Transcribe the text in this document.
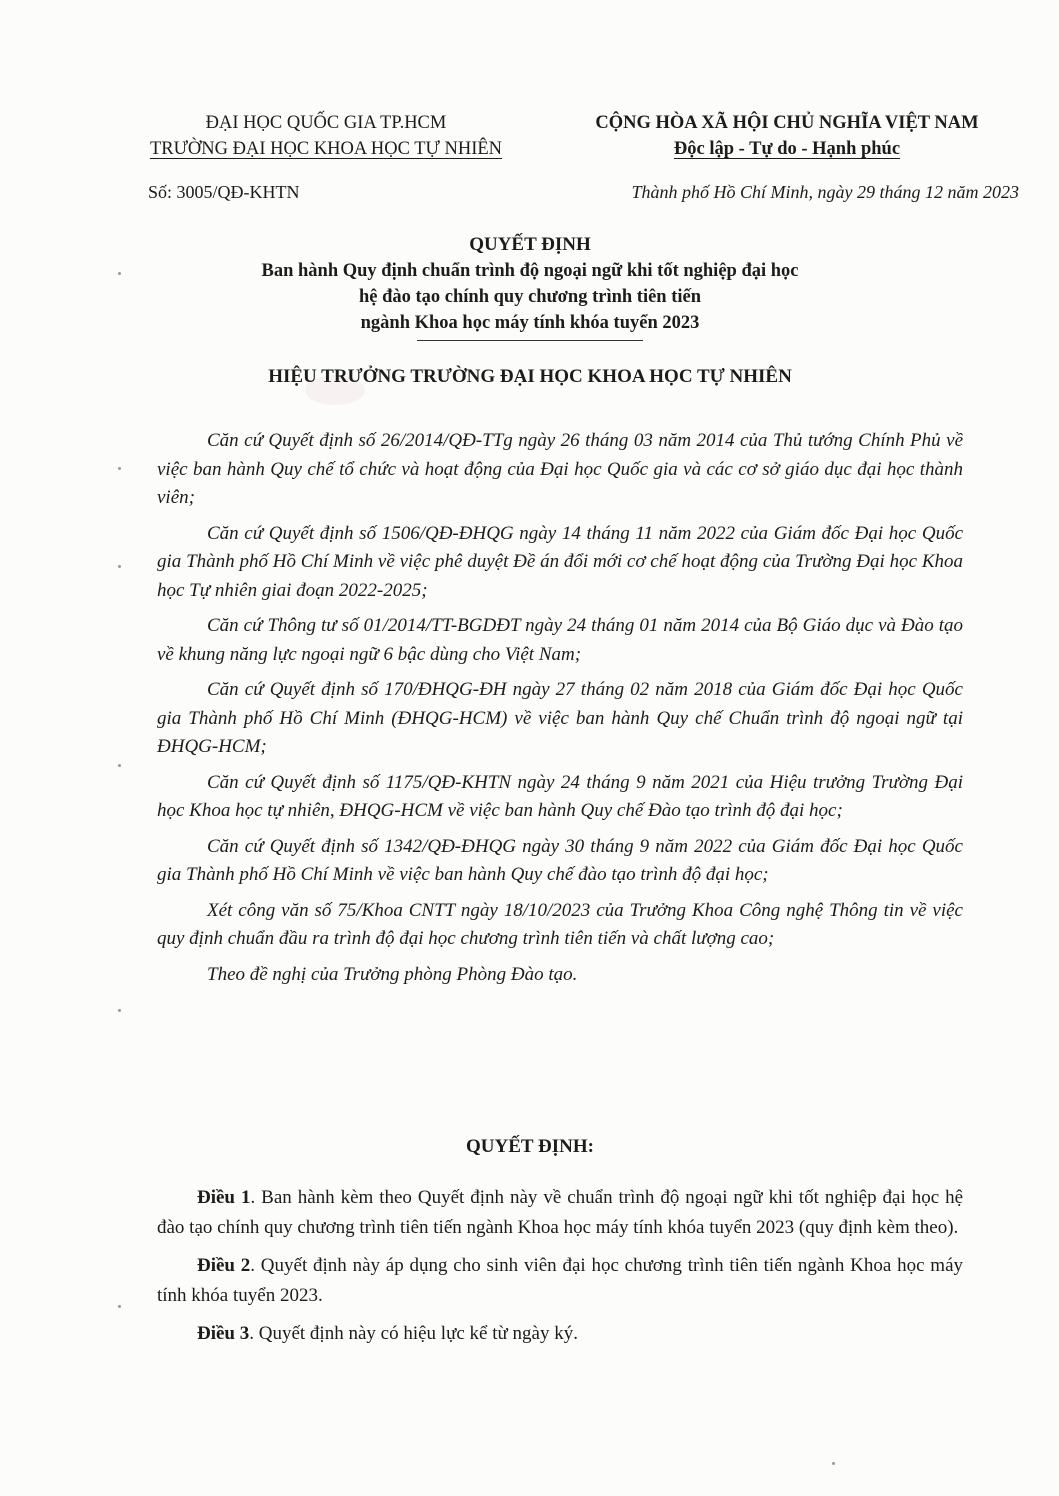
ĐẠI HỌC QUỐC GIA TP.HCM
TRƯỜNG ĐẠI HỌC KHOA HỌC TỰ NHIÊN
CỘNG HÒA XÃ HỘI CHỦ NGHĨA VIỆT NAM
Độc lập - Tự do - Hạnh phúc
Số: 3005/QĐ-KHTN	Thành phố Hồ Chí Minh, ngày 29 tháng 12 năm 2023
QUYẾT ĐỊNH
Ban hành Quy định chuẩn trình độ ngoại ngữ khi tốt nghiệp đại học
hệ đào tạo chính quy chương trình tiên tiến
ngành Khoa học máy tính khóa tuyển 2023
HIỆU TRƯỞNG TRƯỜNG ĐẠI HỌC KHOA HỌC TỰ NHIÊN

Căn cứ Quyết định số 26/2014/QĐ-TTg ngày 26 tháng 03 năm 2014 của Thủ tướng Chính Phủ về việc ban hành Quy chế tổ chức và hoạt động của Đại học Quốc gia và các cơ sở giáo dục đại học thành viên;

Căn cứ Quyết định số 1506/QĐ-ĐHQG ngày 14 tháng 11 năm 2022 của Giám đốc Đại học Quốc gia Thành phố Hồ Chí Minh về việc phê duyệt Đề án đổi mới cơ chế hoạt động của Trường Đại học Khoa học Tự nhiên giai đoạn 2022-2025;

Căn cứ Thông tư số 01/2014/TT-BGDĐT ngày 24 tháng 01 năm 2014 của Bộ Giáo dục và Đào tạo về khung năng lực ngoại ngữ 6 bậc dùng cho Việt Nam;

Căn cứ Quyết định số 170/ĐHQG-ĐH ngày 27 tháng 02 năm 2018 của Giám đốc Đại học Quốc gia Thành phố Hồ Chí Minh (ĐHQG-HCM) về việc ban hành Quy chế Chuẩn trình độ ngoại ngữ tại ĐHQG-HCM;

Căn cứ Quyết định số 1175/QĐ-KHTN ngày 24 tháng 9 năm 2021 của Hiệu trưởng Trường Đại học Khoa học tự nhiên, ĐHQG-HCM về việc ban hành Quy chế Đào tạo trình độ đại học;

Căn cứ Quyết định số 1342/QĐ-ĐHQG ngày 30 tháng 9 năm 2022 của Giám đốc Đại học Quốc gia Thành phố Hồ Chí Minh về việc ban hành Quy chế đào tạo trình độ đại học;

Xét công văn số 75/Khoa CNTT ngày 18/10/2023 của Trưởng Khoa Công nghệ Thông tin về việc quy định chuẩn đầu ra trình độ đại học chương trình tiên tiến và chất lượng cao;

Theo đề nghị của Trưởng phòng Phòng Đào tạo.

QUYẾT ĐỊNH:

Điều 1. Ban hành kèm theo Quyết định này về chuẩn trình độ ngoại ngữ khi tốt nghiệp đại học hệ đào tạo chính quy chương trình tiên tiến ngành Khoa học máy tính khóa tuyển 2023 (quy định kèm theo).

Điều 2. Quyết định này áp dụng cho sinh viên đại học chương trình tiên tiến ngành Khoa học máy tính khóa tuyển 2023.

Điều 3. Quyết định này có hiệu lực kể từ ngày ký.
